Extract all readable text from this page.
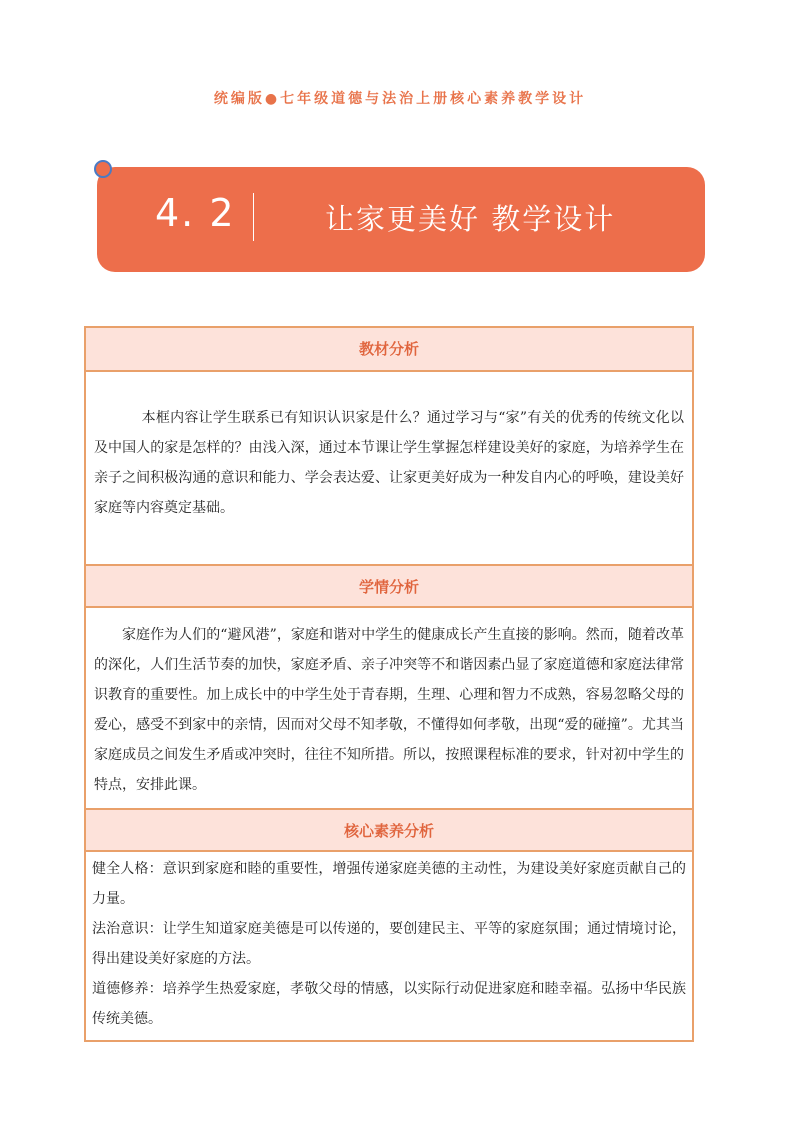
统编版●七年级道德与法治上册核心素养教学设计
4. 2	让家更美好 教学设计
教材分析

本框内容让学生联系已有知识认识家是什么？通过学习与“家”有关的优秀的传统文化以及中国人的家是怎样的？由浅入深，通过本节课让学生掌握怎样建设美好的家庭，为培养学生在亲子之间积极沟通的意识和能力、学会表达爱、让家更美好成为一种发自内心的呼唤，建设美好家庭等内容奠定基础。

学情分析

家庭作为人们的“避风港”，家庭和谐对中学生的健康成长产生直接的影响。然而，随着改革的深化，人们生活节奏的加快，家庭矛盾、亲子冲突等不和谐因素凸显了家庭道德和家庭法律常识教育的重要性。加上成长中的中学生处于青春期，生理、心理和智力不成熟，容易忽略父母的爱心，感受不到家中的亲情，因而对父母不知孝敬，不懂得如何孝敬，出现“爱的碰撞”。尤其当家庭成员之间发生矛盾或冲突时，往往不知所措。所以，按照课程标准的要求，针对初中学生的特点，安排此课。

核心素养分析

健全人格：意识到家庭和睦的重要性，增强传递家庭美德的主动性，为建设美好家庭贡献自己的力量。

法治意识：让学生知道家庭美德是可以传递的，要创建民主、平等的家庭氛围；通过情境讨论，得出建设美好家庭的方法。

道德修养：培养学生热爱家庭，孝敬父母的情感，以实际行动促进家庭和睦幸福。弘扬中华民族传统美德。
